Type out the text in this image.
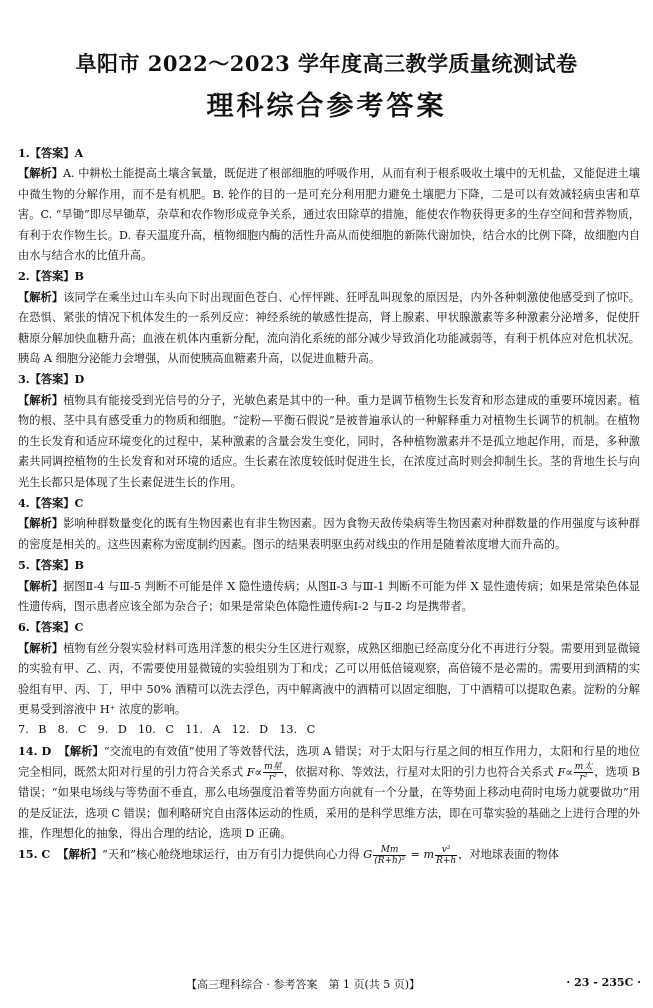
阜阳市 2022～2023 学年度高三教学质量统测试卷
理科综合参考答案
1.【答案】A
【解析】A. 中耕松土能提高土壤含氧量，既促进了根部细胞的呼吸作用，从而有利于根系吸收土壤中的无机盐，又能促进土壤中微生物的分解作用，而不是有机肥。B. 轮作的目的一是可充分利用肥力避免土壤肥力下降，二是可以有效减轻病虫害和草害。C. “旱锄”即尽早锄草，杂草和农作物形成竞争关系，通过农田除草的措施，能使农作物获得更多的生存空间和营养物质，有利于农作物生长。D. 春天温度升高，植物细胞内酶的活性升高从而使细胞的新陈代谢加快，结合水的比例下降，故细胞内自由水与结合水的比值升高。
2.【答案】B
【解析】该同学在乘坐过山车头向下时出现面色苍白、心怦怦跳、狂呼乱叫现象的原因是，内外各种刺激使他感受到了惊吓。在恐惧、紧张的情况下机体发生的一系列反应：神经系统的敏感性提高，肾上腺素、甲状腺激素等多种激素分泌增多，促使肝糖原分解加快血糖升高；血液在机体内重新分配，流向消化系统的部分减少导致消化功能减弱等，有利于机体应对危机状况。胰岛 A 细胞分泌能力会增强，从而使胰高血糖素升高，以促进血糖升高。
3.【答案】D
【解析】植物具有能接受到光信号的分子，光敏色素是其中的一种。重力是调节植物生长发育和形态建成的重要环境因素。植物的根、茎中具有感受重力的物质和细胞。“淀粉—平衡石假说”是被普遍承认的一种解释重力对植物生长调节的机制。在植物的生长发育和适应环境变化的过程中，某种激素的含量会发生变化，同时，各种植物激素并不是孤立地起作用，而是，多种激素共同调控植物的生长发育和对环境的适应。生长素在浓度较低时促进生长，在浓度过高时则会抑制生长。茎的背地生长与向光生长都只是体现了生长素促进生长的作用。
4.【答案】C
【解析】影响种群数量变化的既有生物因素也有非生物因素。因为食物天敌传染病等生物因素对种群数量的作用强度与该种群的密度是相关的。这些因素称为密度制约因素。图示的结果表明驱虫药对线虫的作用是随着浓度增大而升高的。
5.【答案】B
【解析】据图Ⅱ-4 与Ⅲ-5 判断不可能是伴 X 隐性遗传病；从图Ⅱ-3 与Ⅲ-1 判断不可能为伴 X 显性遗传病；如果是常染色体显性遗传病，图示患者应该全部为杂合子；如果是常染色体隐性遗传病Ⅰ-2 与Ⅱ-2 均是携带者。
6.【答案】C
【解析】植物有丝分裂实验材料可选用洋葱的根尖分生区进行观察，成熟区细胞已经高度分化不再进行分裂。需要用到显微镜的实验有甲、乙、丙，不需要使用显微镜的实验组别为丁和戊；乙可以用低倍镜观察，高倍镜不是必需的。需要用到酒精的实验组有甲、丙、丁，甲中 50% 酒精可以洗去浮色，丙中解离液中的酒精可以固定细胞，丁中酒精可以提取色素。淀粉的分解更易受到溶液中 H⁺ 浓度的影响。
7. B　8. C　9. D　10. C　11. A　12. D　13. C
14. D 【解析】“交流电的有效值”使用了等效替代法，选项 A 错误；对于太阳与行星之间的相互作用力，太阳和行星的地位完全相同，既然太阳对行星的引力符合关系式 $F\propto \frac{\text{m星}}{\text{r²}}$ ，依据对称、等效法，行星对太阳的引力也符合关系式 $F\propto \frac{\text{m太}}{\text{r²}}$ ，选项 B 错误；“如果电场线与等势面不垂直，那么电场强度沿着等势面方向就有一个分量，在等势面上移动电荷时电场力就要做功”用的是反证法，选项 C 错误；伽利略研究自由落体运动的性质，采用的是科学思维方法，即在可靠实验的基础之上进行合理的外推，作理想化的抽象，得出合理的结论，选项 D 正确。
15. C 【解析】“天和”核心舱绕地球运行，由万有引力提供向心力得 G $\frac{Mm}{\text{(R+h)²}} = m \frac{\text{v²}}{R+h}$ ，对地球表面的物体
【高三理科综合 · 参考答案　第 1 页(共 5 页)】	· 23 - 235C ·
